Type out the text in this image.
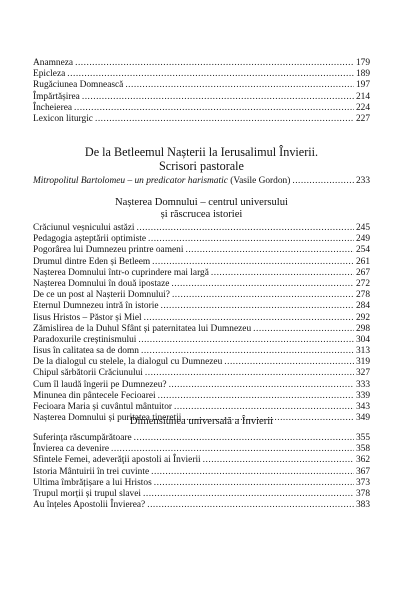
Anamneza .....	179
Epicleza .....	189
Rugăciunea Domnească .....	197
Împărtășirea .....	214
Încheierea .....	224
Lexicon liturgic .....	227
De la Betleemul Nașterii la Ierusalimul Învierii.
Scrisori pastorale
Mitropolitul Bartolomeu – un predicator harismatic (Vasile Gordon) .....	233
Nașterea Domnului – centrul universului
și răscrucea istoriei
Crăciunul veșnicului astăzi .....	245
Pedagogia așteptării optimiste .....	249
Pogorârea lui Dumnezeu printre oameni .....	254
Drumul dintre Eden și Betleem .....	261
Nașterea Domnului într-o cuprindere mai largă .....	267
Nașterea Domnului în două ipostaze .....	272
De ce un post al Nașterii Domnului? .....	278
Eternul Dumnezeu intră în istorie .....	284
Iisus Hristos – Păstor și Miel .....	292
Zămislirea de la Duhul Sfânt și paternitatea lui Dumnezeu .....	298
Paradoxurile creștinismului .....	304
Iisus în calitatea sa de domn .....	313
De la dialogul cu stelele, la dialogul cu Dumnezeu .....	319
Chipul sărbătorii Crăciunului .....	327
Cum îl laudă îngerii pe Dumnezeu? .....	333
Minunea din pântecele Fecioarei .....	339
Fecioara Maria și cuvântul mântuitor .....	343
Nașterea Domnului și puritatea tinereții .....	349
Dimensiunea universală a Învierii
Suferința răscumpărătoare .....	355
Învierea ca devenire .....	358
Sfintele Femei, adeverăţii apostoli ai Învierii .....	362
Istoria Mântuirii în trei cuvinte .....	367
Ultima îmbrățișare a lui Hristos .....	373
Trupul morții și trupul slavei .....	378
Au înțeles Apostolii Învierea? .....	383
